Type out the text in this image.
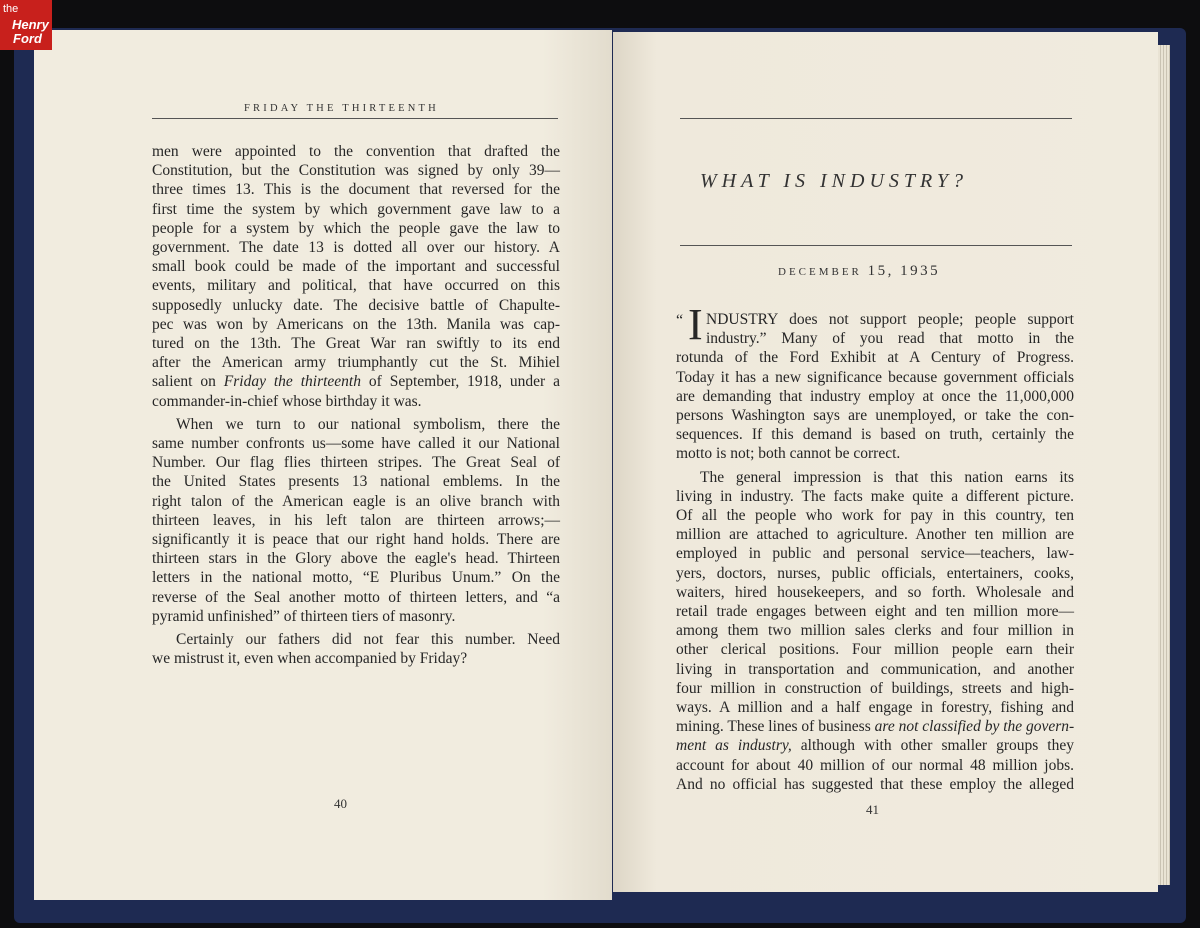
the
Henry
Ford
FRIDAY THE THIRTEENTH
men were appointed to the convention that drafted the
Constitution, but the Constitution was signed by only 39—
three times 13. This is the document that reversed for the
first time the system by which government gave law to a
people for a system by which the people gave the law to
government. The date 13 is dotted all over our history. A
small book could be made of the important and successful
events, military and political, that have occurred on this
supposedly unlucky date. The decisive battle of Chapulte-
pec was won by Americans on the 13th. Manila was cap-
tured on the 13th. The Great War ran swiftly to its end
after the American army triumphantly cut the St. Mihiel
salient on Friday the thirteenth of September, 1918, under a
commander-in-chief whose birthday it was.
When we turn to our national symbolism, there the
same number confronts us—some have called it our National
Number. Our flag flies thirteen stripes. The Great Seal of
the United States presents 13 national emblems. In the
right talon of the American eagle is an olive branch with
thirteen leaves, in his left talon are thirteen arrows;—
significantly it is peace that our right hand holds. There are
thirteen stars in the Glory above the eagle's head. Thirteen
letters in the national motto, “E Pluribus Unum.” On the
reverse of the Seal another motto of thirteen letters, and “a
pyramid unfinished” of thirteen tiers of masonry.
Certainly our fathers did not fear this number. Need
we mistrust it, even when accompanied by Friday?
40
WHAT IS INDUSTRY?
DECEMBER 15, 1935
“ I NDUSTRY does not support people; people support
industry.” Many of you read that motto in the
rotunda of the Ford Exhibit at A Century of Progress.
Today it has a new significance because government officials
are demanding that industry employ at once the 11,000,000
persons Washington says are unemployed, or take the con-
sequences. If this demand is based on truth, certainly the
motto is not; both cannot be correct.
The general impression is that this nation earns its
living in industry. The facts make quite a different picture.
Of all the people who work for pay in this country, ten
million are attached to agriculture. Another ten million are
employed in public and personal service—teachers, law-
yers, doctors, nurses, public officials, entertainers, cooks,
waiters, hired housekeepers, and so forth. Wholesale and
retail trade engages between eight and ten million more—
among them two million sales clerks and four million in
other clerical positions. Four million people earn their
living in transportation and communication, and another
four million in construction of buildings, streets and high-
ways. A million and a half engage in forestry, fishing and
mining. These lines of business are not classified by the govern-
ment as industry, although with other smaller groups they
account for about 40 million of our normal 48 million jobs.
And no official has suggested that these employ the alleged
41
